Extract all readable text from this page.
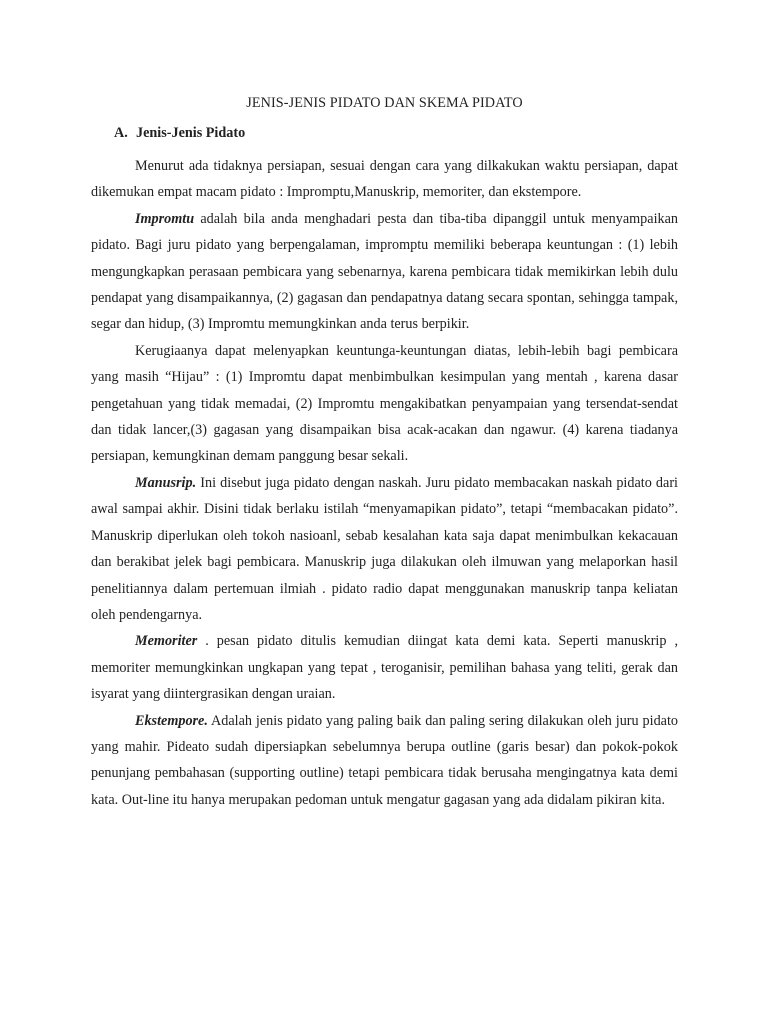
JENIS-JENIS PIDATO DAN SKEMA PIDATO
A. Jenis-Jenis Pidato

Menurut ada tidaknya persiapan, sesuai dengan cara yang dilkakukan waktu persiapan, dapat dikemukan empat macam pidato : Impromptu,Manuskrip, memoriter, dan ekstempore.

Impromtu adalah bila anda menghadari pesta dan tiba-tiba dipanggil untuk menyampaikan pidato. Bagi juru pidato yang berpengalaman, impromptu memiliki beberapa keuntungan : (1) lebih mengungkapkan perasaan pembicara yang sebenarnya, karena pembicara tidak memikirkan lebih dulu pendapat yang disampaikannya, (2) gagasan dan pendapatnya datang secara spontan, sehingga tampak, segar dan hidup, (3) Impromtu memungkinkan anda terus berpikir.

Kerugiaanya dapat melenyapkan keuntunga-keuntungan diatas, lebih-lebih bagi pembicara yang masih “Hijau” : (1) Impromtu dapat menbimbulkan kesimpulan yang mentah , karena dasar pengetahuan yang tidak memadai, (2) Impromtu mengakibatkan penyampaian yang tersendat-sendat dan tidak lancer,(3) gagasan yang disampaikan bisa acak-acakan dan ngawur. (4) karena tiadanya persiapan, kemungkinan demam panggung besar sekali.

Manusrip. Ini disebut juga pidato dengan naskah. Juru pidato membacakan naskah pidato dari awal sampai akhir. Disini tidak berlaku istilah “menyamapikan pidato”, tetapi “membacakan pidato”. Manuskrip diperlukan oleh tokoh nasioanl, sebab kesalahan kata saja dapat menimbulkan kekacauan dan berakibat jelek bagi pembicara. Manuskrip juga dilakukan oleh ilmuwan yang melaporkan hasil penelitiannya dalam pertemuan ilmiah . pidato radio dapat menggunakan manuskrip tanpa keliatan oleh pendengarnya.

Memoriter . pesan pidato ditulis kemudian diingat kata demi kata. Seperti manuskrip , memoriter memungkinkan ungkapan yang tepat , teroganisir, pemilihan bahasa yang teliti, gerak dan isyarat yang diintergrasikan dengan uraian.

Ekstempore. Adalah jenis pidato yang paling baik dan paling sering dilakukan oleh juru pidato yang mahir. Pideato sudah dipersiapkan sebelumnya berupa outline (garis besar) dan pokok-pokok penunjang pembahasan (supporting outline) tetapi pembicara tidak berusaha mengingatnya kata demi kata. Out-line itu hanya merupakan pedoman untuk mengatur gagasan yang ada didalam pikiran kita.
